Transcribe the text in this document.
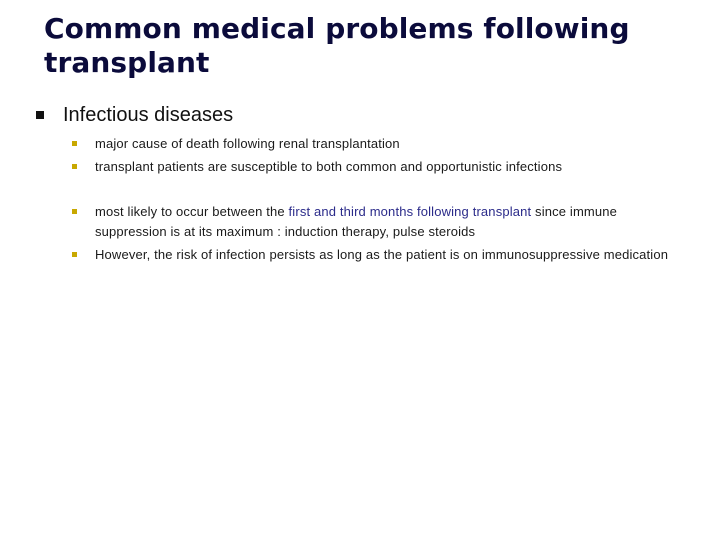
Common medical problems following transplant
Infectious diseases
major cause of death following renal transplantation
transplant patients are susceptible to both common and opportunistic infections
most likely to occur between the first and third months following transplant since immune suppression is at its maximum : induction therapy, pulse steroids
However, the risk of infection persists as long as the patient is on immunosuppressive medication
